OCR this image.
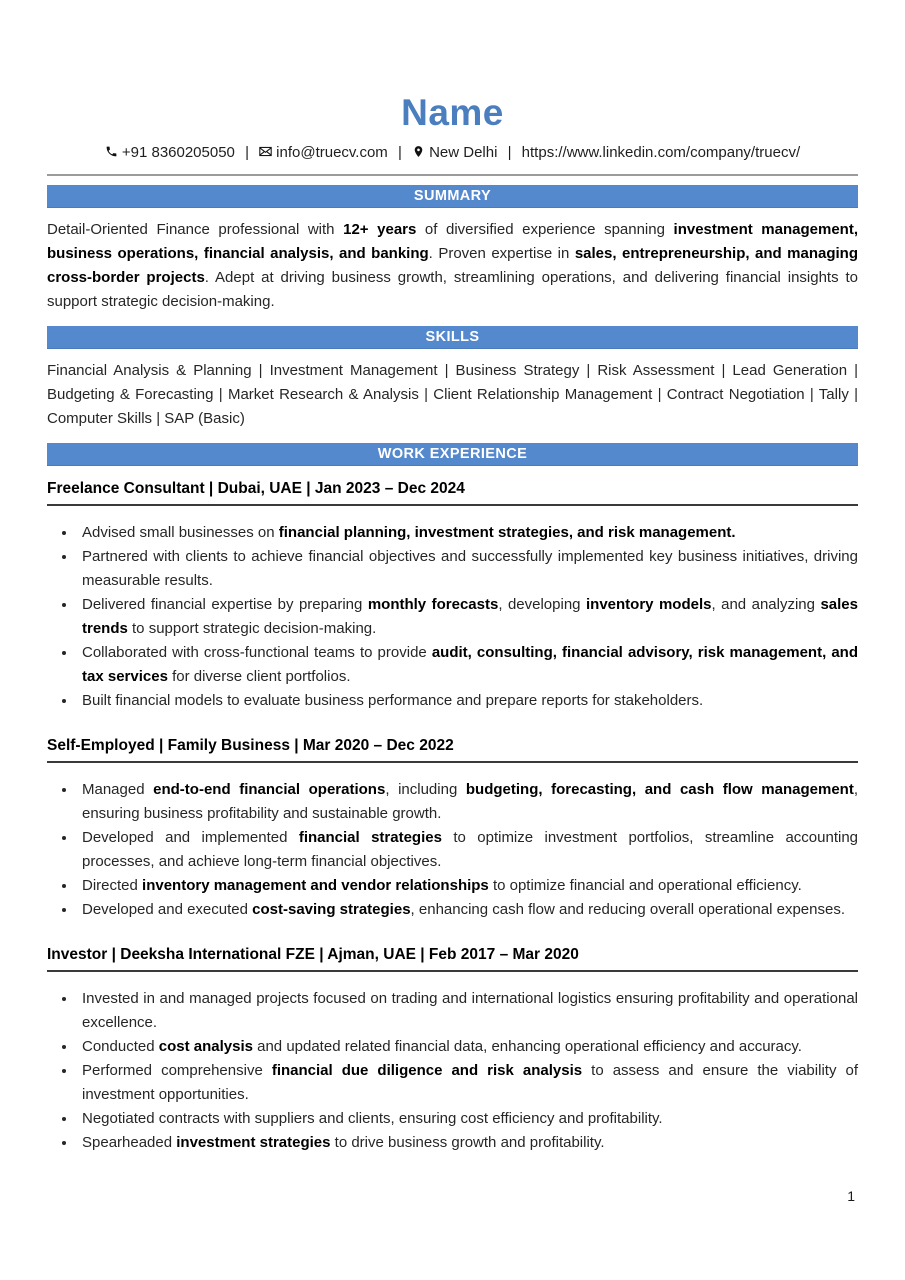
Name
+91 8360205050 | info@truecv.com | New Delhi | https://www.linkedin.com/company/truecv/
SUMMARY

Detail-Oriented Finance professional with 12+ years of diversified experience spanning investment management, business operations, financial analysis, and banking. Proven expertise in sales, entrepreneurship, and managing cross-border projects. Adept at driving business growth, streamlining operations, and delivering financial insights to support strategic decision-making.

SKILLS

Financial Analysis & Planning | Investment Management | Business Strategy | Risk Assessment | Lead Generation | Budgeting & Forecasting | Market Research & Analysis | Client Relationship Management | Contract Negotiation | Tally | Computer Skills | SAP (Basic)

WORK EXPERIENCE
Freelance Consultant | Dubai, UAE | Jan 2023 – Dec 2024
• Advised small businesses on financial planning, investment strategies, and risk management.
• Partnered with clients to achieve financial objectives and successfully implemented key business initiatives, driving measurable results.
• Delivered financial expertise by preparing monthly forecasts, developing inventory models, and analyzing sales trends to support strategic decision-making.
• Collaborated with cross-functional teams to provide audit, consulting, financial advisory, risk management, and tax services for diverse client portfolios.
• Built financial models to evaluate business performance and prepare reports for stakeholders.
Self-Employed | Family Business | Mar 2020 – Dec 2022
• Managed end-to-end financial operations, including budgeting, forecasting, and cash flow management, ensuring business profitability and sustainable growth.
• Developed and implemented financial strategies to optimize investment portfolios, streamline accounting processes, and achieve long-term financial objectives.
• Directed inventory management and vendor relationships to optimize financial and operational efficiency.
• Developed and executed cost-saving strategies, enhancing cash flow and reducing overall operational expenses.
Investor | Deeksha International FZE | Ajman, UAE | Feb 2017 – Mar 2020
• Invested in and managed projects focused on trading and international logistics ensuring profitability and operational excellence.
• Conducted cost analysis and updated related financial data, enhancing operational efficiency and accuracy.
• Performed comprehensive financial due diligence and risk analysis to assess and ensure the viability of investment opportunities.
• Negotiated contracts with suppliers and clients, ensuring cost efficiency and profitability.
• Spearheaded investment strategies to drive business growth and profitability.
1
